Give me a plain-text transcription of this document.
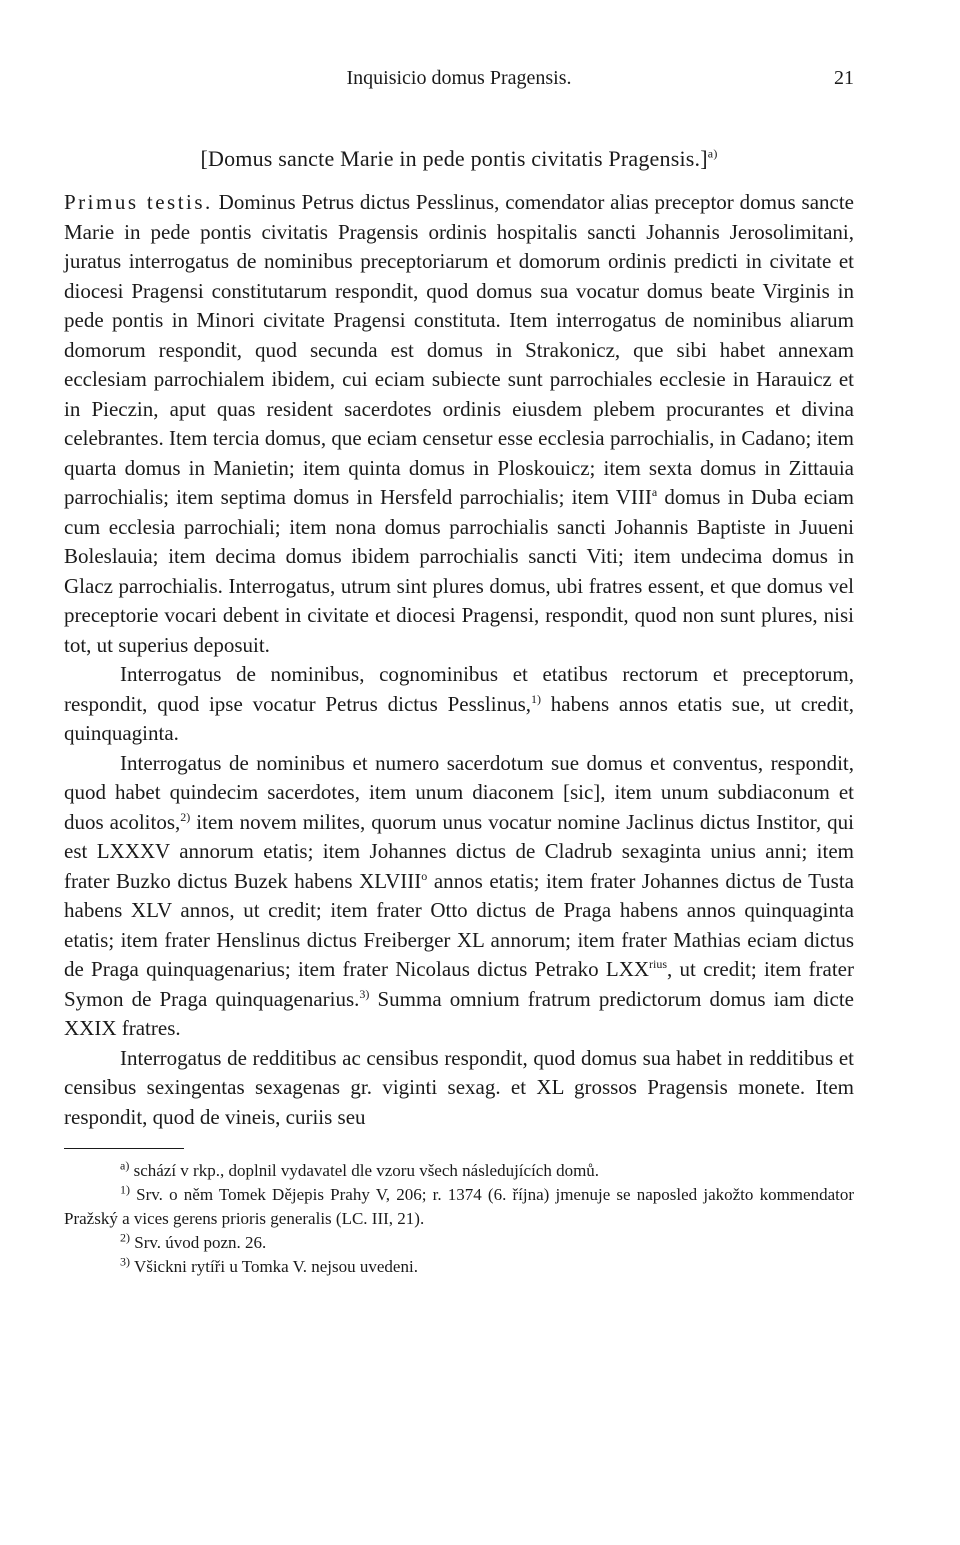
Inquisicio domus Pragensis.	21
[Domus sancte Marie in pede pontis civitatis Pragensis.]$^{a)}$

Primus testis. Dominus Petrus dictus Pesslinus, comendator alias preceptor domus sancte Marie in pede pontis civitatis Pragensis ordinis hospitalis sancti Johannis Jerosolimitani, juratus interrogatus de nominibus preceptoriarum et domorum ordinis predicti in civitate et diocesi Pragensi constitutarum respondit, quod domus sua vocatur domus beate Virginis in pede pontis in Minori civitate Pragensi constituta. Item interrogatus de nominibus aliarum domorum respondit, quod secunda est domus in Strakonicz, que sibi habet annexam ecclesiam parrochialem ibidem, cui eciam subiecte sunt parrochiales ecclesie in Harauicz et in Pieczin, aput quas resident sacerdotes ordinis eiusdem plebem procurantes et divina celebrantes. Item tercia domus, que eciam censetur esse ecclesia parrochialis, in Cadano; item quarta domus in Manietin; item quinta domus in Ploskouicz; item sexta domus in Zittauia parrochialis; item septima domus in Hersfeld parrochialis; item VIII$^a$ domus in Duba eciam cum ecclesia parrochiali; item nona domus parrochialis sancti Johannis Baptiste in Juueni Boleslauia; item decima domus ibidem parrochialis sancti Viti; item undecima domus in Glacz parrochialis. Interrogatus, utrum sint plures domus, ubi fratres essent, et que domus vel preceptorie vocari debent in civitate et diocesi Pragensi, respondit, quod non sunt plures, nisi tot, ut superius deposuit.

Interrogatus de nominibus, cognominibus et etatibus rectorum et preceptorum, respondit, quod ipse vocatur Petrus dictus Pesslinus,$^{1)}$ habens annos etatis sue, ut credit, quinquaginta.

Interrogatus de nominibus et numero sacerdotum sue domus et conventus, respondit, quod habet quindecim sacerdotes, item unum diaconem [sic], item unum subdiaconum et duos acolitos,$^{2)}$ item novem milites, quorum unus vocatur nomine Jaclinus dictus Institor, qui est LXXXV annorum etatis; item Johannes dictus de Cladrub sexaginta unius anni; item frater Buzko dictus Buzek habens XLVIII$^o$ annos etatis; item frater Johannes dictus de Tusta habens XLV annos, ut credit; item frater Otto dictus de Praga habens annos quinquaginta etatis; item frater Henslinus dictus Freiberger XL annorum; item frater Mathias eciam dictus de Praga quinquagenarius; item frater Nicolaus dictus Petrako $LXX^{rius}$, ut credit; item frater Symon de Praga quinquagenarius.$^{3)}$ Summa omnium fratrum predictorum domus iam dicte XXIX fratres.

Interrogatus de redditibus ac censibus respondit, quod domus sua habet in redditibus et censibus sexingentas sexagenas gr. viginti sexag. et XL grossos Pragensis monete. Item respondit, quod de vineis, curiis seu

$^{a)}$ schází v rkp., doplnil vydavatel dle vzoru všech následujících domů.

$^{1)}$ Srv. o něm Tomek Dějepis Prahy V, 206; r. 1374 (6. října) jmenuje se naposled jakožto kommendator Pražský a vices gerens prioris generalis (LC. III, 21).

$^{2)}$ Srv. úvod pozn. 26.

$^{3)}$ Všickni rytíři u Tomka V. nejsou uvedeni.
